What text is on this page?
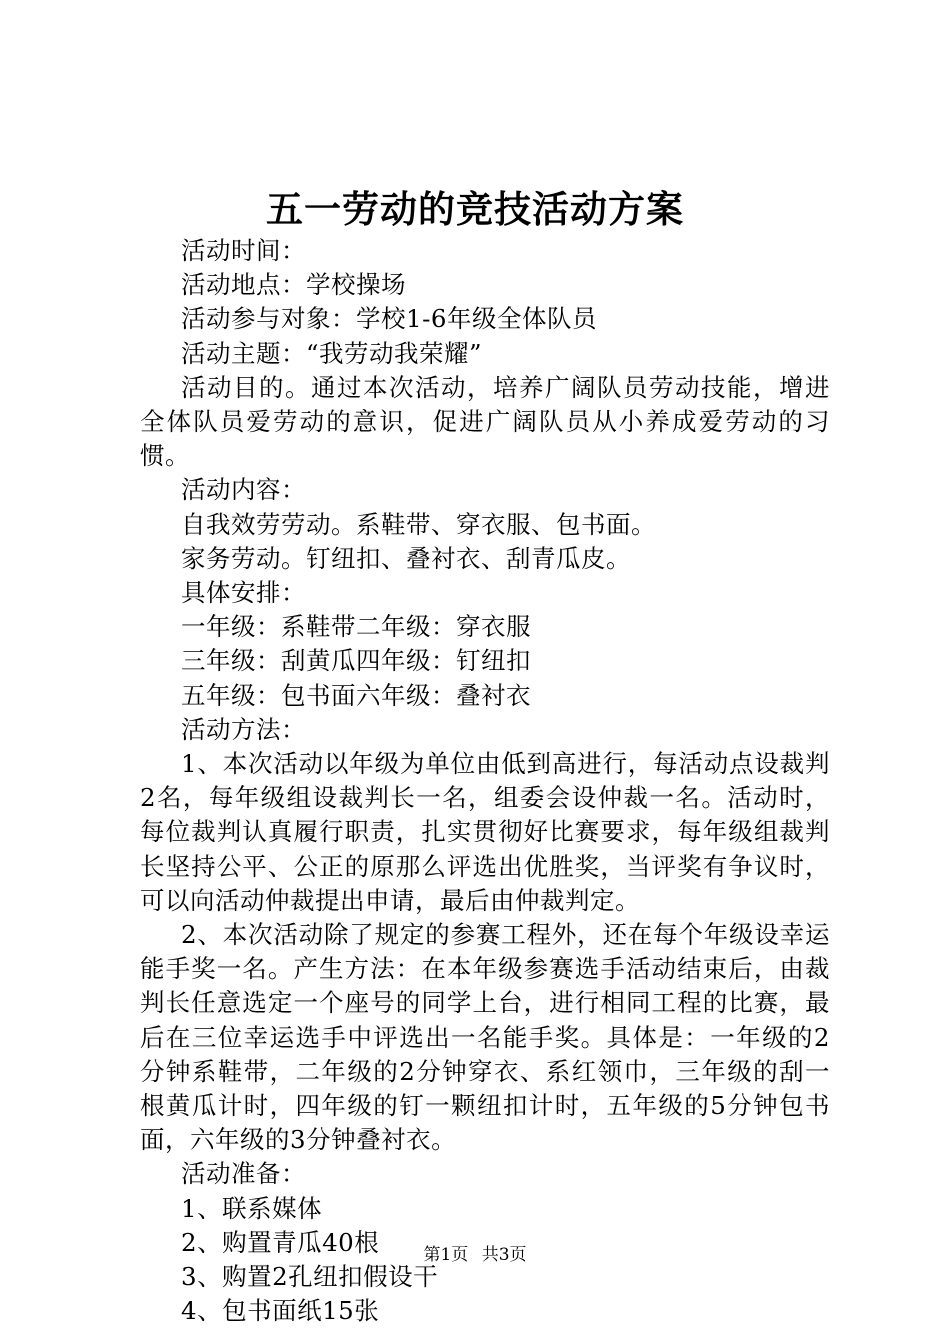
五一劳动的竞技活动方案

活动时间：

活动地点：学校操场

活动参与对象：学校1-6年级全体队员

活动主题：“我劳动我荣耀”

活动目的。通过本次活动，培养广阔队员劳动技能，增进全体队员爱劳动的意识，促进广阔队员从小养成爱劳动的习惯。

活动内容：

自我效劳劳动。系鞋带、穿衣服、包书面。

家务劳动。钉纽扣、叠衬衣、刮青瓜皮。

具体安排：

一年级：系鞋带二年级：穿衣服

三年级：刮黄瓜四年级：钉纽扣

五年级：包书面六年级：叠衬衣

活动方法：

1、本次活动以年级为单位由低到高进行，每活动点设裁判2名，每年级组设裁判长一名，组委会设仲裁一名。活动时，每位裁判认真履行职责，扎实贯彻好比赛要求，每年级组裁判长坚持公平、公正的原那么评选出优胜奖，当评奖有争议时，可以向活动仲裁提出申请，最后由仲裁判定。

2、本次活动除了规定的参赛工程外，还在每个年级设幸运能手奖一名。产生方法：在本年级参赛选手活动结束后，由裁判长任意选定一个座号的同学上台，进行相同工程的比赛，最后在三位幸运选手中评选出一名能手奖。具体是：一年级的2分钟系鞋带，二年级的2分钟穿衣、系红领巾，三年级的刮一根黄瓜计时，四年级的钉一颗纽扣计时，五年级的5分钟包书面，六年级的3分钟叠衬衣。

活动准备：

1、联系媒体

2、购置青瓜40根

3、购置2孔纽扣假设干

4、包书面纸15张

第1页 共3页
